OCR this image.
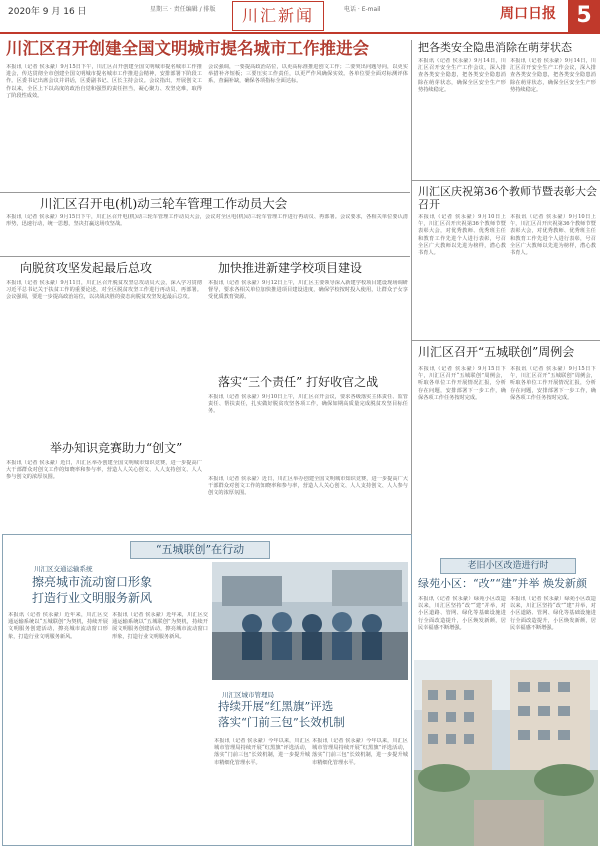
2020年 9 月 16 日	星期三 · 责任编辑 / 排版	川汇新闻	电话 · E-mail	周口日报 5
川汇区召开创建全国文明城市提名城市工作推进会
本报讯（记者 侯永豪）9月15日下午，川汇区召开创建全国文明城市提名城市工作推进会，传达贯彻全市创建全国文明城市提名城市工作推进会精神，安排部署下阶段工作。区委书记出席会议并讲话，区委副书记、区长主持会议。会议指出，开展创文工作以来，全区上下以高度的政治自觉和强烈的责任担当，凝心聚力、攻坚克难，取得了阶段性成效。
会议强调，一要提高政治站位，以更高标准推进创文工作；二要突出问题导向，以更实举措补齐短板；三要压实工作责任，以更严作风确保实效。各单位要全面对标测评体系，查漏补缺，确保各项指标全面达标。
川汇区召开电(机)动三轮车管理工作动员大会
本报讯（记者 侯永豪）9月15日下午，川汇区召开电(机)动三轮车管理工作动员大会，会议对全区电(机)动三轮车管理工作进行再动员、再部署。会议要求，各相关单位要认清形势，迅速行动，统一思想，坚决打赢这场攻坚战。
向脱贫攻坚发起最后总攻
本报讯（记者 侯永豪）9月11日，川汇区召开脱贫攻坚总攻动员大会，深入学习贯彻习近平总书记关于扶贫工作的重要论述，对全区脱贫攻坚工作进行再动员、再部署。会议强调，要进一步提高政治站位，以决战决胜的姿态向脱贫攻坚发起最后总攻。
加快推进新建学校项目建设
本报讯（记者 侯永豪）9月12日上午，川汇区主要领导深入新建学校项目建设现场调研督导，要求各相关单位加快推进项目建设进度，确保学校按时投入使用，让群众子女享受优质教育资源。
落实“三个责任” 打好收官之战
本报讯（记者 侯永豪）9月10日上午，川汇区召开会议，要求各级落实主体责任、监管责任、帮扶责任，扎实做好脱贫攻坚各项工作，确保如期高质量完成脱贫攻坚目标任务。
举办知识竞赛助力“创文”
本报讯（记者 侯永豪）近日，川汇区举办创建全国文明城市知识竞赛，进一步提高广大干部群众对创文工作的知晓率和参与率，营造人人关心创文、人人支持创文、人人参与创文的浓厚氛围。	本报讯（记者 侯永豪）近日，川汇区举办创建全国文明城市知识竞赛，进一步提高广大干部群众对创文工作的知晓率和参与率，营造人人关心创文、人人支持创文、人人参与创文的浓厚氛围。
把各类安全隐患消除在萌芽状态
本报讯（记者 侯永豪）9月14日，川汇区召开安全生产工作会议，深入排查各类安全隐患，把各类安全隐患消除在萌芽状态，确保全区安全生产形势持续稳定。
本报讯（记者 侯永豪）9月14日，川汇区召开安全生产工作会议，深入排查各类安全隐患，把各类安全隐患消除在萌芽状态，确保全区安全生产形势持续稳定。
川汇区庆祝第36个教师节暨表彰大会召开
本报讯（记者 侯永豪）9月10日上午，川汇区召开庆祝第36个教师节暨表彰大会，对优秀教师、优秀班主任和教育工作先进个人进行表彰，号召全区广大教师以先进为榜样，潜心教书育人。
本报讯（记者 侯永豪）9月10日上午，川汇区召开庆祝第36个教师节暨表彰大会，对优秀教师、优秀班主任和教育工作先进个人进行表彰，号召全区广大教师以先进为榜样，潜心教书育人。
川汇区召开“五城联创”周例会
本报讯（记者 侯永豪）9月15日下午，川汇区召开“五城联创”周例会，听取各单位工作开展情况汇报，分析存在问题，安排部署下一步工作，确保各项工作任务按时完成。
本报讯（记者 侯永豪）9月15日下午，川汇区召开“五城联创”周例会，听取各单位工作开展情况汇报，分析存在问题，安排部署下一步工作，确保各项工作任务按时完成。
“五城联创”在行动
川汇区交通运输系统
擦亮城市流动窗口形象
打造行业文明服务新风
本报讯（记者 侯永豪）近年来，川汇区交通运输系统以“五城联创”为契机，持续开展文明服务创建活动，擦亮城市流动窗口形象，打造行业文明服务新风。
本报讯（记者 侯永豪）近年来，川汇区交通运输系统以“五城联创”为契机，持续开展文明服务创建活动，擦亮城市流动窗口形象，打造行业文明服务新风。
川汇区城市管理局
持续开展“红黑旗”评选
落实“门前三包”长效机制
本报讯（记者 侯永豪）今年以来，川汇区城市管理局持续开展“红黑旗”评选活动，落实“门前三包”长效机制，进一步提升城市精细化管理水平。
本报讯（记者 侯永豪）今年以来，川汇区城市管理局持续开展“红黑旗”评选活动，落实“门前三包”长效机制，进一步提升城市精细化管理水平。
老旧小区改造进行时
绿苑小区：“改”“建”并举 焕发新颜
本报讯（记者 侯永豪）绿苑小区改造以来，川汇区坚持“改”“建”并举，对小区道路、管网、绿化等基础设施进行全面改造提升，小区焕发新颜，居民幸福感不断增强。
本报讯（记者 侯永豪）绿苑小区改造以来，川汇区坚持“改”“建”并举，对小区道路、管网、绿化等基础设施进行全面改造提升，小区焕发新颜，居民幸福感不断增强。
